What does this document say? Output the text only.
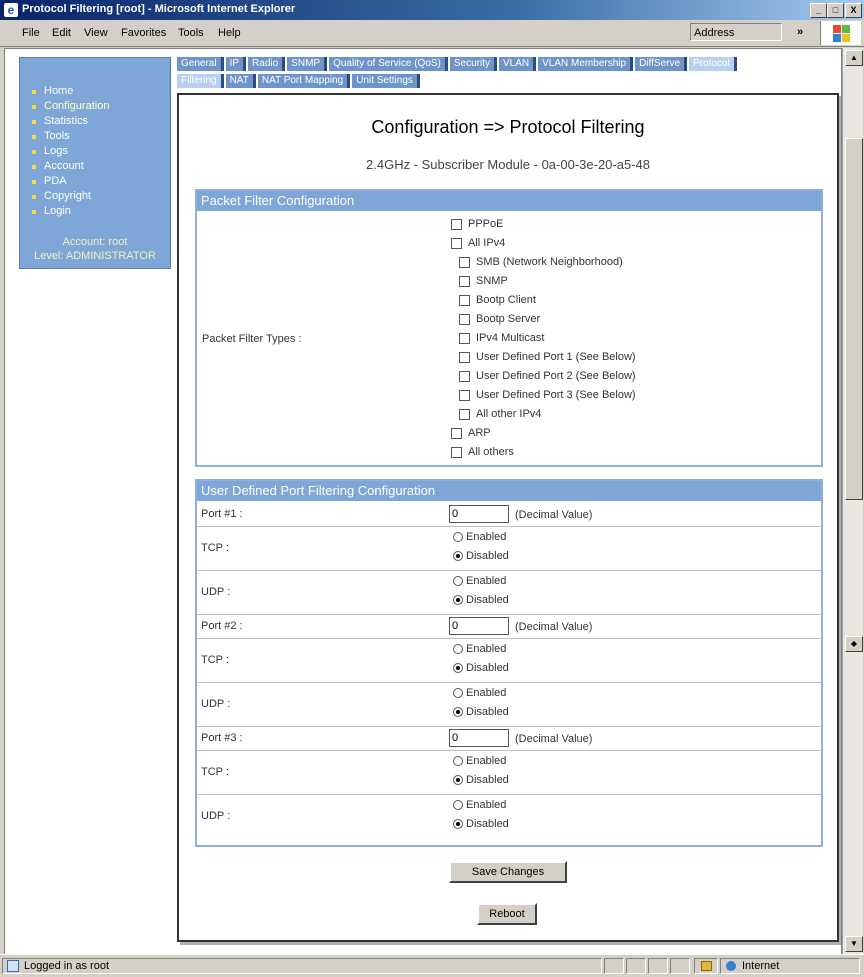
e Protocol Filtering [root] - Microsoft Internet Explorer	_	□	X
File Edit View Favorites Tools Help	Address	»
Home
Configuration
Statistics
Tools
Logs
Account
PDA
Copyright
Login
Account: root
Level: ADMINISTRATOR
General IP Radio SNMP Quality of Service (QoS) Security VLAN VLAN Membership DiffServe Protocol
Filtering NAT NAT Port Mapping Unit Settings
Configuration => Protocol Filtering
2.4GHz - Subscriber Module - 0a-00-3e-20-a5-48
Packet Filter Configuration
Packet Filter Types :
PPPoE
All IPv4
SMB (Network Neighborhood)
SNMP
Bootp Client
Bootp Server
IPv4 Multicast
User Defined Port 1 (See Below)
User Defined Port 2 (See Below)
User Defined Port 3 (See Below)
All other IPv4
ARP
All others
User Defined Port Filtering Configuration
Port #1 :
0	(Decimal Value)
TCP :
Enabled
Disabled
UDP :
Enabled
Disabled
Port #2 :
0	(Decimal Value)
TCP :
Enabled
Disabled
UDP :
Enabled
Disabled
Port #3 :
0	(Decimal Value)
TCP :
Enabled
Disabled
UDP :
Enabled
Disabled
Save Changes
Reboot
▲
◆
▼
Logged in as root	Internet
